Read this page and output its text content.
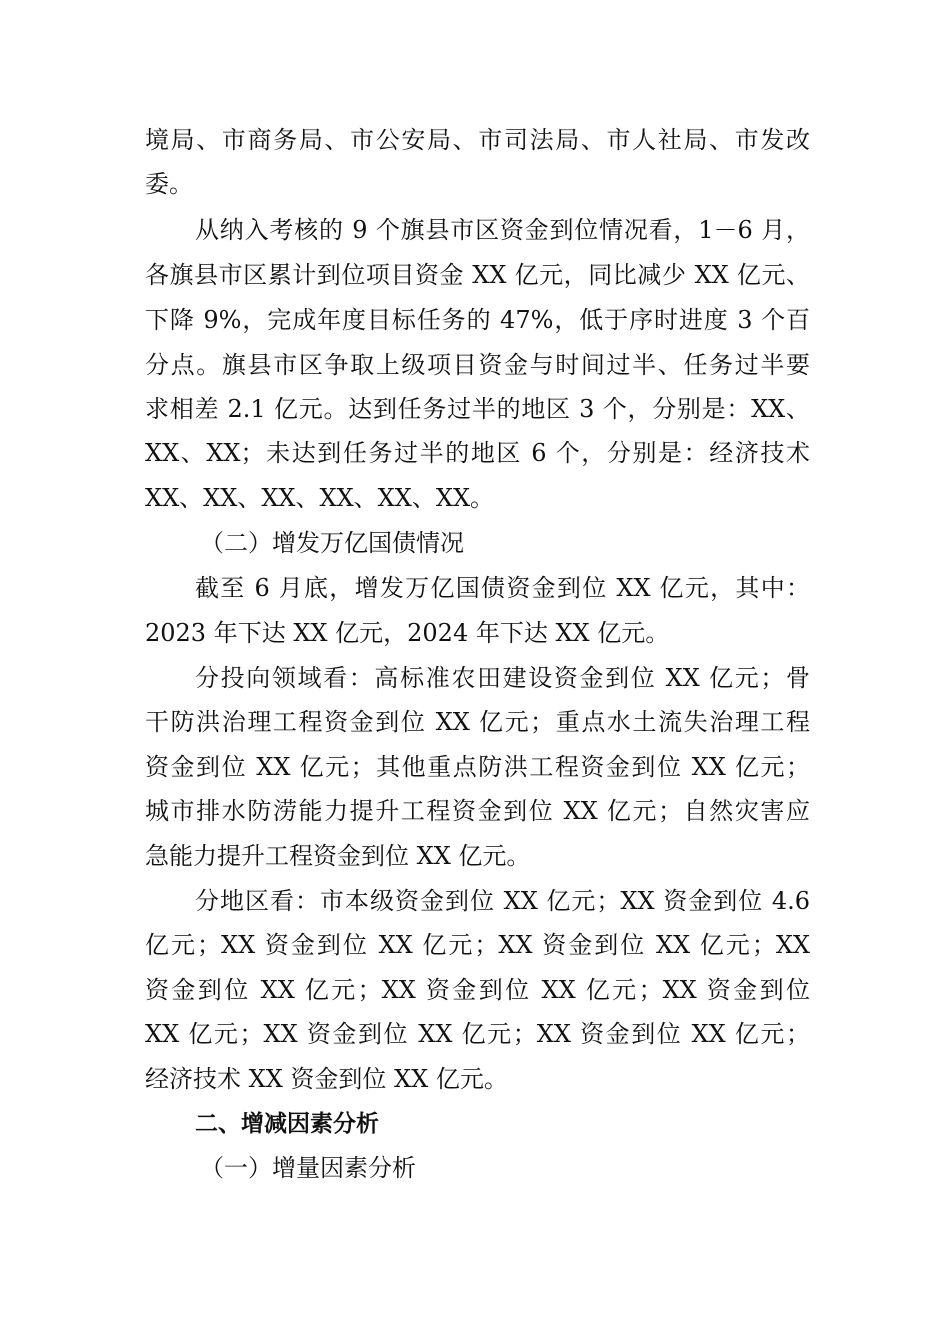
境局、市商务局、市公安局、市司法局、市人社局、市发改
委。
从纳入考核的 9 个旗县市区资金到位情况看，1－6 月，
各旗县市区累计到位项目资金 XX 亿元，同比减少 XX 亿元、
下降 9%，完成年度目标任务的 47%，低于序时进度 3 个百
分点。旗县市区争取上级项目资金与时间过半、任务过半要
求相差 2.1 亿元。达到任务过半的地区 3 个，分别是：XX、
XX、XX；未达到任务过半的地区 6 个，分别是：经济技术
XX、XX、XX、XX、XX、XX。
（二）增发万亿国债情况
截至 6 月底，增发万亿国债资金到位 XX 亿元，其中：
2023 年下达 XX 亿元，2024 年下达 XX 亿元。
分投向领域看：高标准农田建设资金到位 XX 亿元；骨
干防洪治理工程资金到位 XX 亿元；重点水土流失治理工程
资金到位 XX 亿元；其他重点防洪工程资金到位 XX 亿元；
城市排水防涝能力提升工程资金到位 XX 亿元；自然灾害应
急能力提升工程资金到位 XX 亿元。
分地区看：市本级资金到位 XX 亿元；XX 资金到位 4.6
亿元；XX 资金到位 XX 亿元；XX 资金到位 XX 亿元；XX
资金到位 XX 亿元；XX 资金到位 XX 亿元；XX 资金到位
XX 亿元；XX 资金到位 XX 亿元；XX 资金到位 XX 亿元；
经济技术 XX 资金到位 XX 亿元。
二、增减因素分析
（一）增量因素分析
